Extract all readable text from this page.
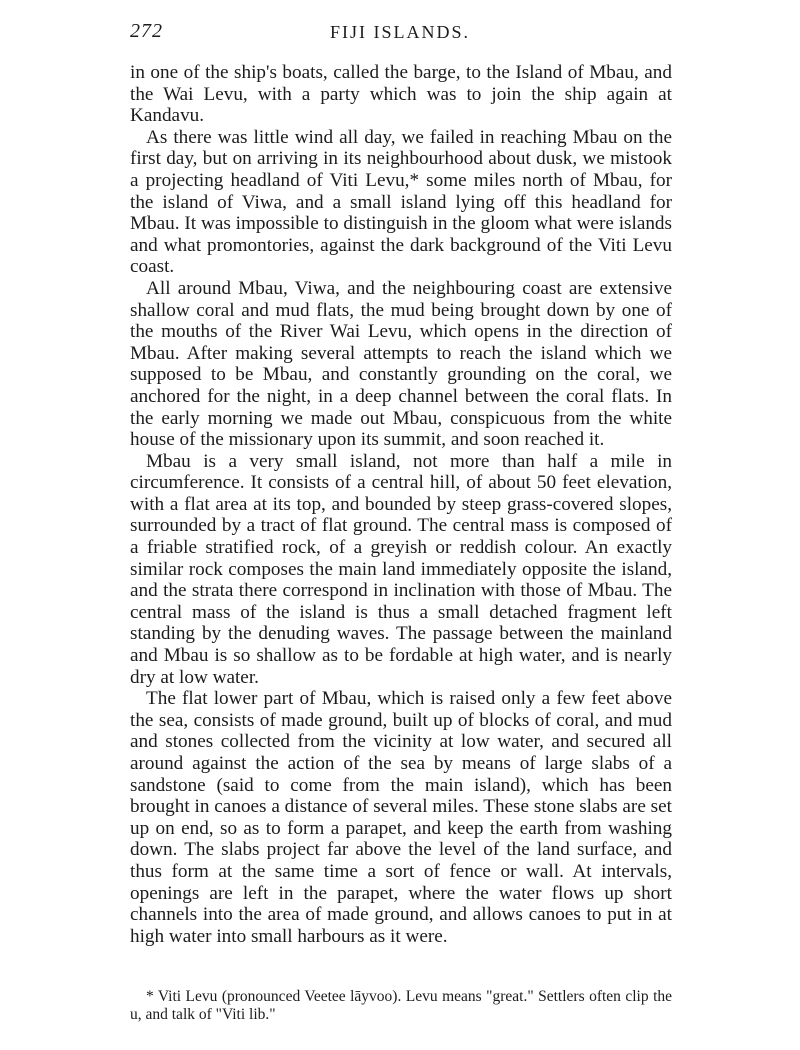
272	FIJI ISLANDS.

in one of the ship's boats, called the barge, to the Island of Mbau, and the Wai Levu, with a party which was to join the ship again at Kandavu.

As there was little wind all day, we failed in reaching Mbau on the first day, but on arriving in its neighbourhood about dusk, we mistook a projecting headland of Viti Levu,* some miles north of Mbau, for the island of Viwa, and a small island lying off this headland for Mbau. It was impossible to distinguish in the gloom what were islands and what promontories, against the dark background of the Viti Levu coast.

All around Mbau, Viwa, and the neighbouring coast are extensive shallow coral and mud flats, the mud being brought down by one of the mouths of the River Wai Levu, which opens in the direction of Mbau. After making several attempts to reach the island which we supposed to be Mbau, and constantly grounding on the coral, we anchored for the night, in a deep channel between the coral flats. In the early morning we made out Mbau, conspicuous from the white house of the missionary upon its summit, and soon reached it.

Mbau is a very small island, not more than half a mile in circumference. It consists of a central hill, of about 50 feet elevation, with a flat area at its top, and bounded by steep grass-covered slopes, surrounded by a tract of flat ground. The central mass is composed of a friable stratified rock, of a greyish or reddish colour. An exactly similar rock composes the main land immediately opposite the island, and the strata there correspond in inclination with those of Mbau. The central mass of the island is thus a small detached fragment left standing by the denuding waves. The passage between the mainland and Mbau is so shallow as to be fordable at high water, and is nearly dry at low water.

The flat lower part of Mbau, which is raised only a few feet above the sea, consists of made ground, built up of blocks of coral, and mud and stones collected from the vicinity at low water, and secured all around against the action of the sea by means of large slabs of a sandstone (said to come from the main island), which has been brought in canoes a distance of several miles. These stone slabs are set up on end, so as to form a parapet, and keep the earth from washing down. The slabs project far above the level of the land surface, and thus form at the same time a sort of fence or wall. At intervals, openings are left in the parapet, where the water flows up short channels into the area of made ground, and allows canoes to put in at high water into small harbours as it were.

* Viti Levu (pronounced Veetee lāyvoo). Levu means "great." Settlers often clip the u, and talk of "Viti lib."
